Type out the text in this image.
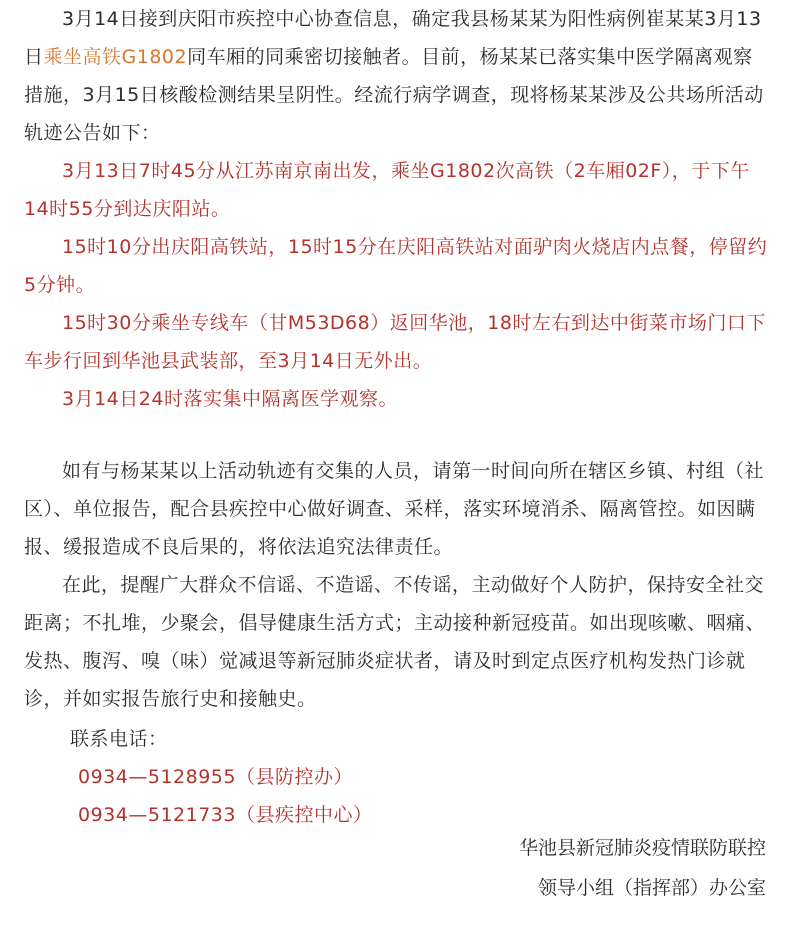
3月14日接到庆阳市疾控中心协查信息，确定我县杨某某为阳性病例崔某某3月13日乘坐高铁G1802同车厢的同乘密切接触者。目前，杨某某已落实集中医学隔离观察措施，3月15日核酸检测结果呈阴性。经流行病学调查，现将杨某某涉及公共场所活动轨迹公告如下：

3月13日7时45分从江苏南京南出发，乘坐G1802次高铁（2车厢02F），于下午14时55分到达庆阳站。

15时10分出庆阳高铁站，15时15分在庆阳高铁站对面驴肉火烧店内点餐，停留约5分钟。

15时30分乘坐专线车（甘M53D68）返回华池，18时左右到达中街菜市场门口下车步行回到华池县武装部，至3月14日无外出。

3月14日24时落实集中隔离医学观察。

如有与杨某某以上活动轨迹有交集的人员，请第一时间向所在辖区乡镇、村组（社区）、单位报告，配合县疾控中心做好调查、采样，落实环境消杀、隔离管控。如因瞒报、缓报造成不良后果的，将依法追究法律责任。

在此，提醒广大群众不信谣、不造谣、不传谣，主动做好个人防护，保持安全社交距离；不扎堆，少聚会，倡导健康生活方式；主动接种新冠疫苗。如出现咳嗽、咽痛、发热、腹泻、嗅（味）觉减退等新冠肺炎症状者，请及时到定点医疗机构发热门诊就诊，并如实报告旅行史和接触史。

联系电话：

0934—5128955（县防控办）

0934—5121733（县疾控中心）

华池县新冠肺炎疫情联防联控
领导小组（指挥部）办公室
